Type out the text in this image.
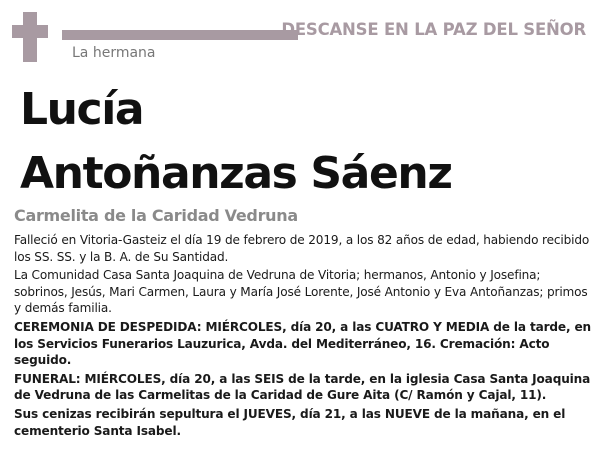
DESCANSE EN LA PAZ DEL SEÑOR
La hermana
Lucía
Antoñanzas Sáenz
Carmelita de la Caridad Vedruna

Falleció en Vitoria-Gasteiz el día 19 de febrero de 2019, a los 82 años de edad, habiendo recibido los SS. SS. y la B. A. de Su Santidad.

La Comunidad Casa Santa Joaquina de Vedruna de Vitoria; hermanos, Antonio y Josefina; sobrinos, Jesús, Mari Carmen, Laura y María José Lorente, José Antonio y Eva Antoñanzas; primos y demás familia.

CEREMONIA DE DESPEDIDA: MIÉRCOLES, día 20, a las CUATRO Y MEDIA de la tarde, en los Servicios Funerarios Lauzurica, Avda. del Mediterráneo, 16. Cremación: Acto seguido.

FUNERAL: MIÉRCOLES, día 20, a las SEIS de la tarde, en la iglesia Casa Santa Joaquina de Vedruna de las Carmelitas de la Caridad de Gure Aita (C/ Ramón y Cajal, 11).

Sus cenizas recibirán sepultura el JUEVES, día 21, a las NUEVE de la mañana, en el cementerio Santa Isabel.
